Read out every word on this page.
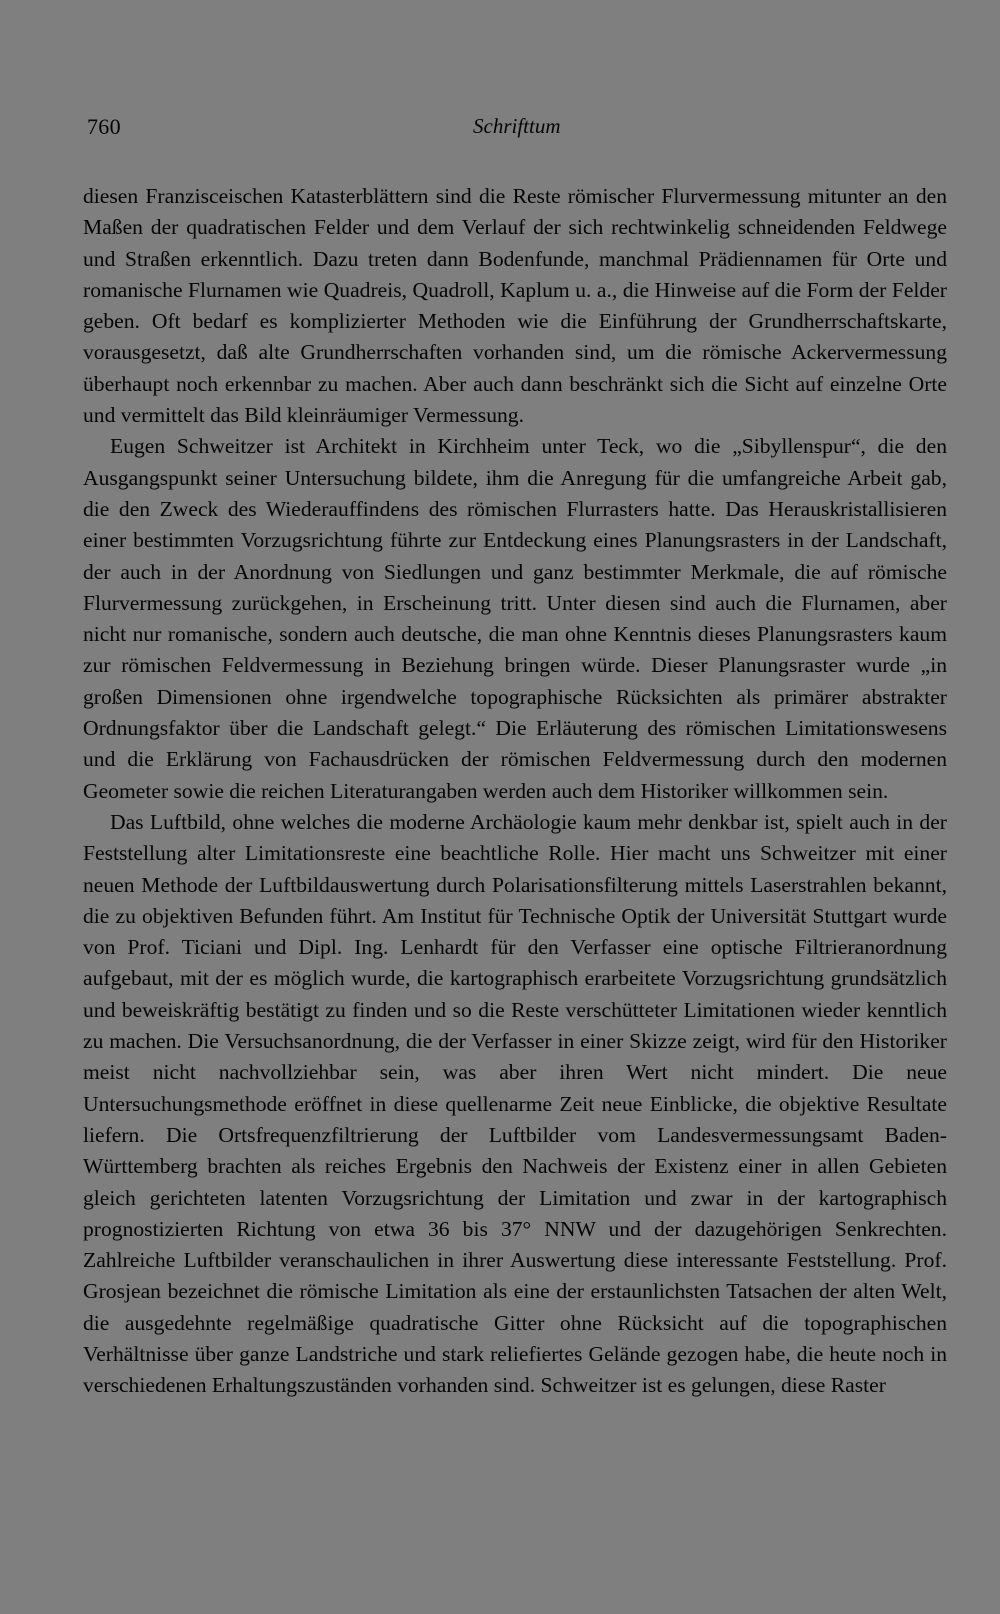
760	Schrifttum

diesen Franzisceischen Katasterblättern sind die Reste römischer Flurvermessung mitunter an den Maßen der quadratischen Felder und dem Verlauf der sich rechtwinkelig schneidenden Feldwege und Straßen erkenntlich. Dazu treten dann Bodenfunde, manchmal Prädiennamen für Orte und romanische Flurnamen wie Quadreis, Quadroll, Kaplum u. a., die Hinweise auf die Form der Felder geben. Oft bedarf es komplizierter Methoden wie die Einführung der Grundherrschaftskarte, vorausgesetzt, daß alte Grundherrschaften vorhanden sind, um die römische Ackervermessung überhaupt noch erkennbar zu machen. Aber auch dann beschränkt sich die Sicht auf einzelne Orte und vermittelt das Bild kleinräumiger Vermessung.

Eugen Schweitzer ist Architekt in Kirchheim unter Teck, wo die „Sibyllenspur“, die den Ausgangspunkt seiner Untersuchung bildete, ihm die Anregung für die umfangreiche Arbeit gab, die den Zweck des Wiederauffindens des römischen Flurrasters hatte. Das Herauskristallisieren einer bestimmten Vorzugsrichtung führte zur Entdeckung eines Planungsrasters in der Landschaft, der auch in der Anordnung von Siedlungen und ganz bestimmter Merkmale, die auf römische Flurvermessung zurückgehen, in Erscheinung tritt. Unter diesen sind auch die Flurnamen, aber nicht nur romanische, sondern auch deutsche, die man ohne Kenntnis dieses Planungsrasters kaum zur römischen Feldvermessung in Beziehung bringen würde. Dieser Planungsraster wurde „in großen Dimensionen ohne irgendwelche topographische Rücksichten als primärer abstrakter Ordnungsfaktor über die Landschaft gelegt.“ Die Erläuterung des römischen Limitationswesens und die Erklärung von Fachausdrücken der römischen Feldvermessung durch den modernen Geometer sowie die reichen Literaturangaben werden auch dem Historiker willkommen sein.

Das Luftbild, ohne welches die moderne Archäologie kaum mehr denkbar ist, spielt auch in der Feststellung alter Limitationsreste eine beachtliche Rolle. Hier macht uns Schweitzer mit einer neuen Methode der Luftbildauswertung durch Polarisationsfilterung mittels Laserstrahlen bekannt, die zu objektiven Befunden führt. Am Institut für Technische Optik der Universität Stuttgart wurde von Prof. Ticiani und Dipl. Ing. Lenhardt für den Verfasser eine optische Filtrieranordnung aufgebaut, mit der es möglich wurde, die kartographisch erarbeitete Vorzugsrichtung grundsätzlich und beweiskräftig bestätigt zu finden und so die Reste verschütteter Limitationen wieder kenntlich zu machen. Die Versuchsanordnung, die der Verfasser in einer Skizze zeigt, wird für den Historiker meist nicht nachvollziehbar sein, was aber ihren Wert nicht mindert. Die neue Untersuchungsmethode eröffnet in diese quellenarme Zeit neue Einblicke, die objektive Resultate liefern. Die Ortsfrequenzfiltrierung der Luftbilder vom Landesvermessungsamt Baden-Württemberg brachten als reiches Ergebnis den Nachweis der Existenz einer in allen Gebieten gleich gerichteten latenten Vorzugsrichtung der Limitation und zwar in der kartographisch prognostizierten Richtung von etwa 36 bis 37° NNW und der dazugehörigen Senkrechten. Zahlreiche Luftbilder veranschaulichen in ihrer Auswertung diese interessante Feststellung. Prof. Grosjean bezeichnet die römische Limitation als eine der erstaunlichsten Tatsachen der alten Welt, die ausgedehnte regelmäßige quadratische Gitter ohne Rücksicht auf die topographischen Verhältnisse über ganze Landstriche und stark reliefiertes Gelände gezogen habe, die heute noch in verschiedenen Erhaltungszuständen vorhanden sind. Schweitzer ist es gelungen, diese Raster
